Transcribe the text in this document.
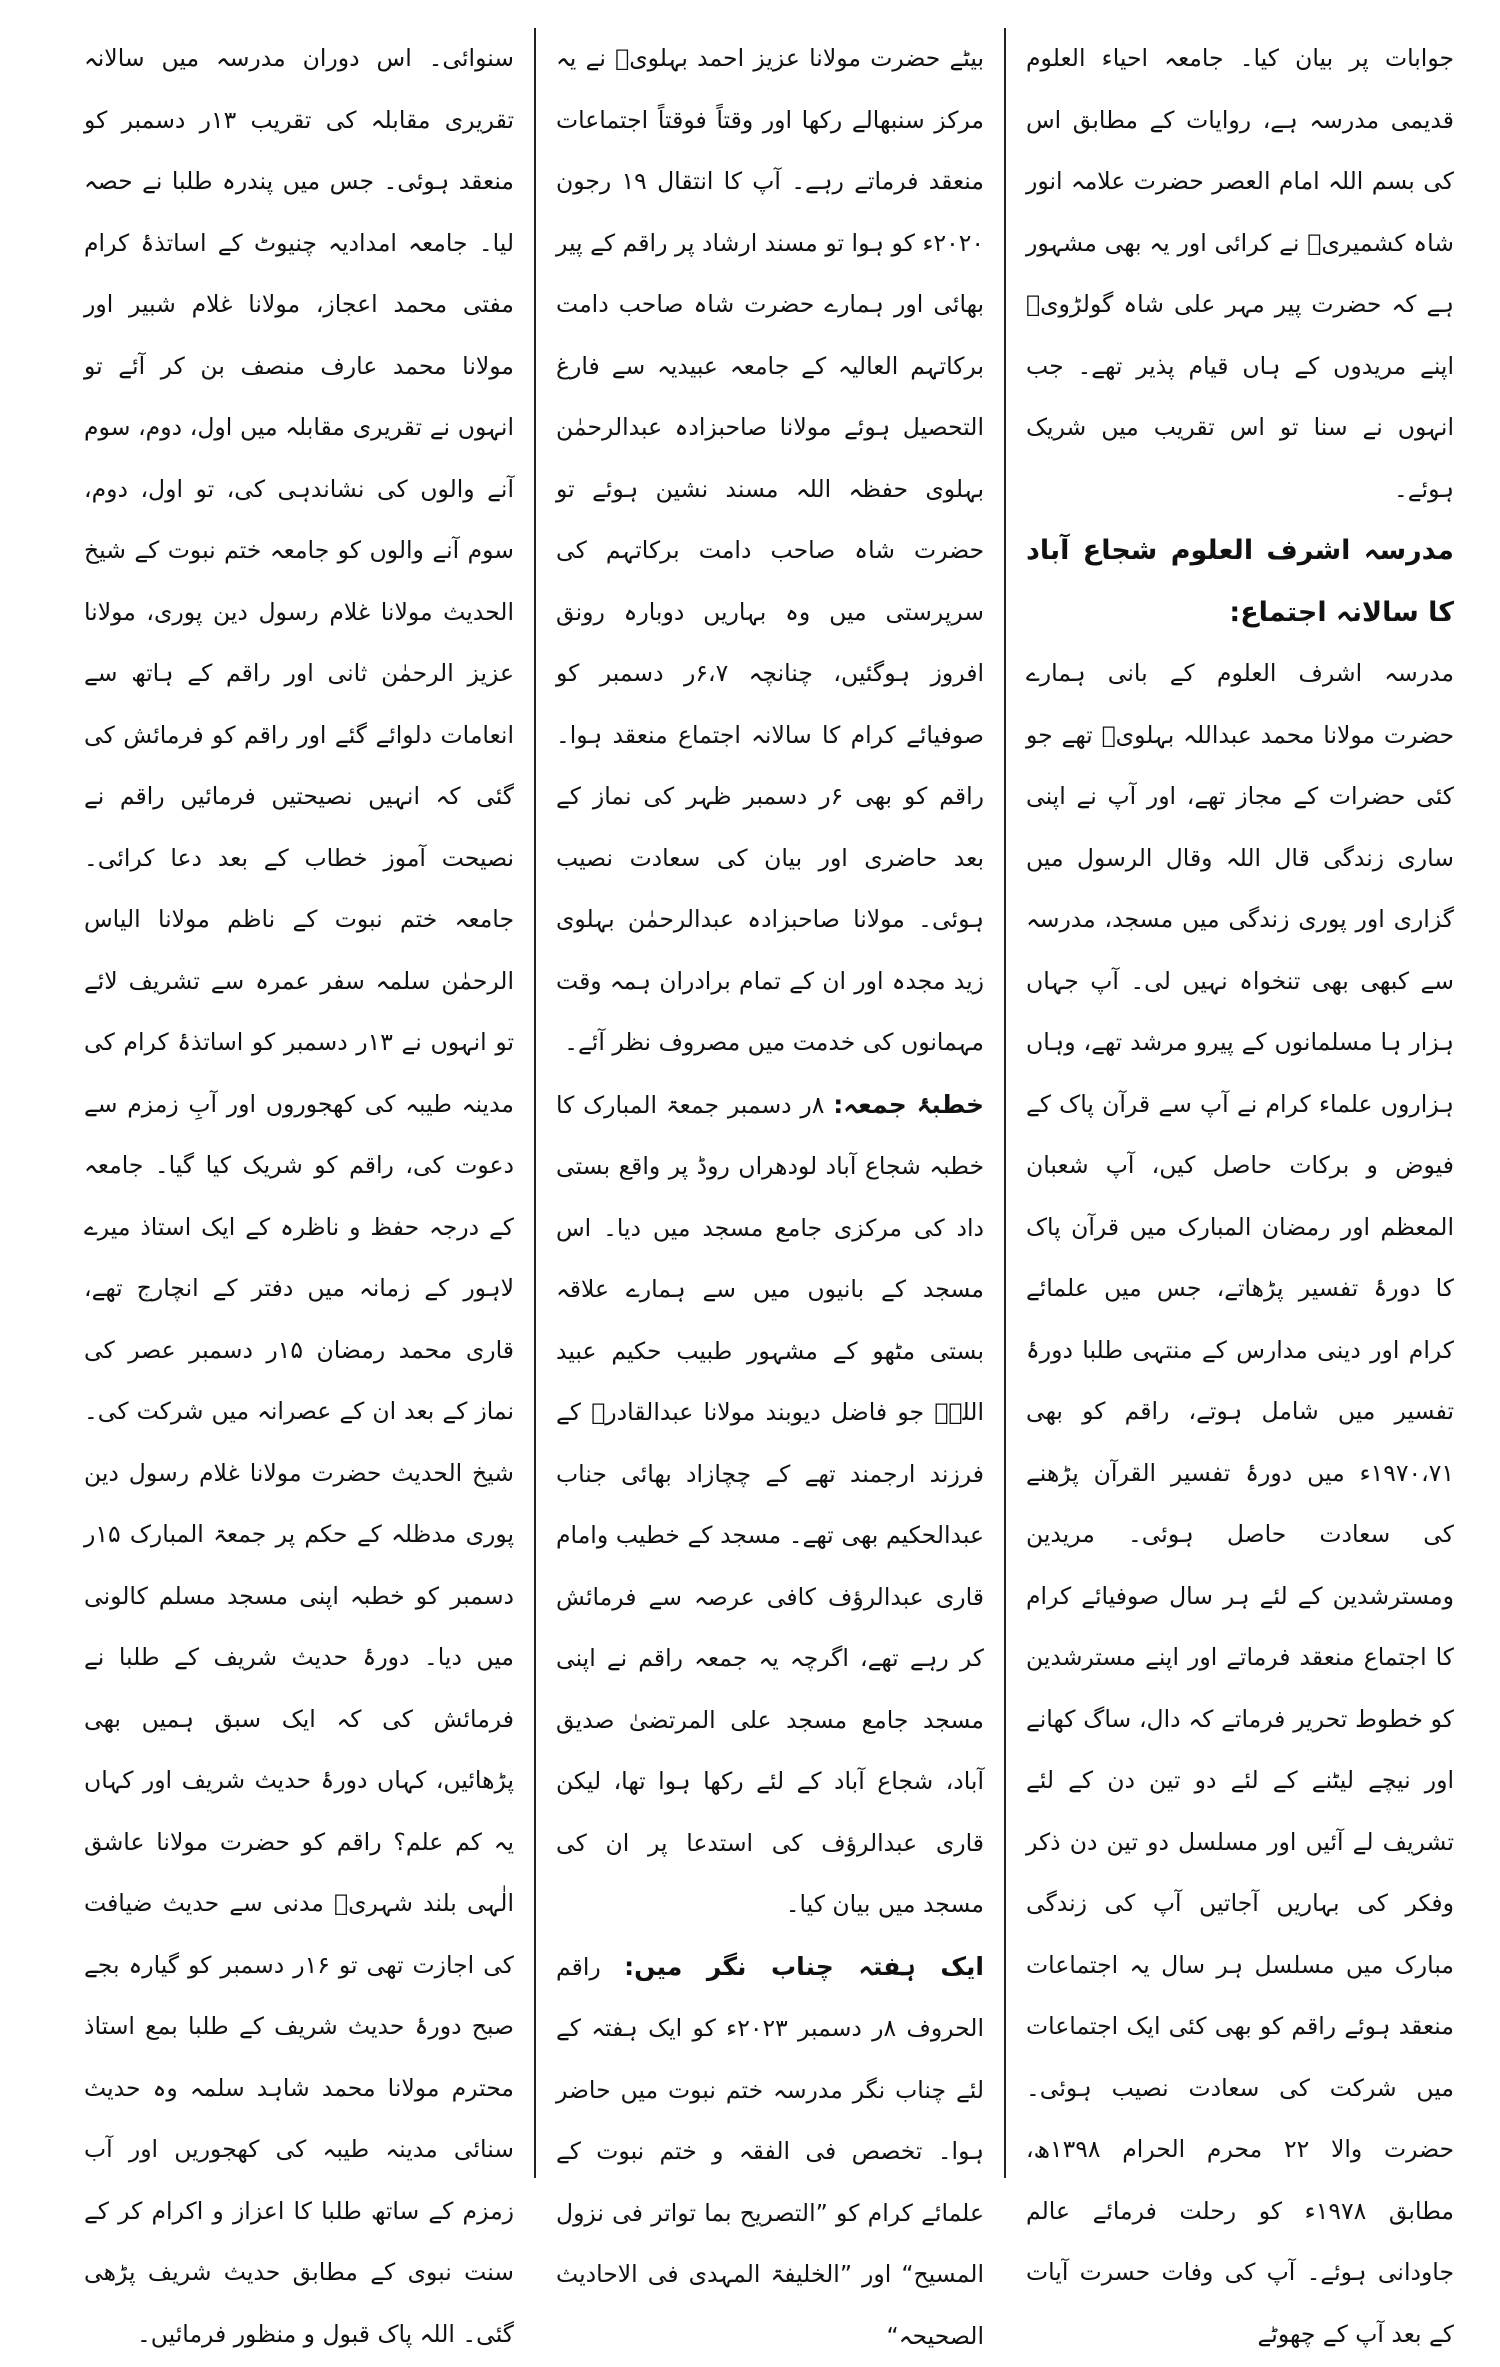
جوابات پر بیان کیا۔ جامعہ احیاء العلوم قدیمی مدرسہ ہے، روایات کے مطابق اس کی بسم اللہ امام العصر حضرت علامہ انور شاہ کشمیریؒ نے کرائی اور یہ بھی مشہور ہے کہ حضرت پیر مہر علی شاہ گولڑویؒ اپنے مریدوں کے ہاں قیام پذیر تھے۔ جب انہوں نے سنا تو اس تقریب میں شریک ہوئے۔

مدرسہ اشرف العلوم شجاع آباد کا سالانہ اجتماع:

مدرسہ اشرف العلوم کے بانی ہمارے حضرت مولانا محمد عبداللہ بہلویؒ تھے جو کئی حضرات کے مجاز تھے، اور آپ نے اپنی ساری زندگی قال اللہ وقال الرسول میں گزاری اور پوری زندگی میں مسجد، مدرسہ سے کبھی بھی تنخواہ نہیں لی۔ آپ جہاں ہزار ہا مسلمانوں کے پیرو مرشد تھے، وہاں ہزاروں علماء کرام نے آپ سے قرآن پاک کے فیوض و برکات حاصل کیں، آپ شعبان المعظم اور رمضان المبارک میں قرآن پاک کا دورۂ تفسیر پڑھاتے، جس میں علمائے کرام اور دینی مدارس کے منتہی طلبا دورۂ تفسیر میں شامل ہوتے، راقم کو بھی ۱۹۷۰،۷۱ء میں دورۂ تفسیر القرآن پڑھنے کی سعادت حاصل ہوئی۔ مریدین ومسترشدین کے لئے ہر سال صوفیائے کرام کا اجتماع منعقد فرماتے اور اپنے مسترشدین کو خطوط تحریر فرماتے کہ دال، ساگ کھانے اور نیچے لیٹنے کے لئے دو تین دن کے لئے تشریف لے آئیں اور مسلسل دو تین دن ذکر وفکر کی بہاریں آجاتیں آپ کی زندگی مبارک میں مسلسل ہر سال یہ اجتماعات منعقد ہوئے راقم کو بھی کئی ایک اجتماعات میں شرکت کی سعادت نصیب ہوئی۔ حضرت والا ۲۲ محرم الحرام ۱۳۹۸ھ، مطابق ۱۹۷۸ء کو رحلت فرمائے عالم جاودانی ہوئے۔ آپ کی وفات حسرت آیات کے بعد آپ کے چھوٹے

بیٹے حضرت مولانا عزیز احمد بہلویؒ نے یہ مرکز سنبھالے رکھا اور وقتاً فوقتاً اجتماعات منعقد فرماتے رہے۔ آپ کا انتقال ۱۹ رجون ۲۰۲۰ء کو ہوا تو مسند ارشاد پر راقم کے پیر بھائی اور ہمارے حضرت شاہ صاحب دامت برکاتہم العالیہ کے جامعہ عبیدیہ سے فارغ التحصیل ہوئے مولانا صاحبزادہ عبدالرحمٰن بہلوی حفظہ اللہ مسند نشین ہوئے تو حضرت شاہ صاحب دامت برکاتہم کی سرپرستی میں وہ بہاریں دوبارہ رونق افروز ہوگئیں، چنانچہ ۶،۷ر دسمبر کو صوفیائے کرام کا سالانہ اجتماع منعقد ہوا۔ راقم کو بھی ۶ر دسمبر ظہر کی نماز کے بعد حاضری اور بیان کی سعادت نصیب ہوئی۔ مولانا صاحبزادہ عبدالرحمٰن بہلوی زید مجدہ اور ان کے تمام برادران ہمہ وقت مہمانوں کی خدمت میں مصروف نظر آئے۔

خطبۂ جمعہ: ۸ر دسمبر جمعۃ المبارک کا خطبہ شجاع آباد لودھراں روڈ پر واقع بستی داد کی مرکزی جامع مسجد میں دیا۔ اس مسجد کے بانیوں میں سے ہمارے علاقہ بستی مٹھو کے مشہور طبیب حکیم عبید اللہؒ جو فاضل دیوبند مولانا عبدالقادرؒ کے فرزند ارجمند تھے کے چچازاد بھائی جناب عبدالحکیم بھی تھے۔ مسجد کے خطیب وامام قاری عبدالرؤف کافی عرصہ سے فرمائش کر رہے تھے، اگرچہ یہ جمعہ راقم نے اپنی مسجد جامع مسجد علی المرتضیٰ صدیق آباد، شجاع آباد کے لئے رکھا ہوا تھا، لیکن قاری عبدالرؤف کی استدعا پر ان کی مسجد میں بیان کیا۔

ایک ہفتہ چناب نگر میں: راقم الحروف ۸ر دسمبر ۲۰۲۳ء کو ایک ہفتہ کے لئے چناب نگر مدرسہ ختم نبوت میں حاضر ہوا۔ تخصص فی الفقہ و ختم نبوت کے علمائے کرام کو ”التصریح بما تواتر فی نزول المسیح“ اور ”الخلیفۃ المہدی فی الاحادیث الصحیحہ“

سنوائی۔ اس دوران مدرسہ میں سالانہ تقریری مقابلہ کی تقریب ۱۳ر دسمبر کو منعقد ہوئی۔ جس میں پندرہ طلبا نے حصہ لیا۔ جامعہ امدادیہ چنیوٹ کے اساتذۂ کرام مفتی محمد اعجاز، مولانا غلام شبیر اور مولانا محمد عارف منصف بن کر آئے تو انہوں نے تقریری مقابلہ میں اول، دوم، سوم آنے والوں کی نشاندہی کی، تو اول، دوم، سوم آنے والوں کو جامعہ ختم نبوت کے شیخ الحدیث مولانا غلام رسول دین پوری، مولانا عزیز الرحمٰن ثانی اور راقم کے ہاتھ سے انعامات دلوائے گئے اور راقم کو فرمائش کی گئی کہ انہیں نصیحتیں فرمائیں راقم نے نصیحت آموز خطاب کے بعد دعا کرائی۔ جامعہ ختم نبوت کے ناظم مولانا الیاس الرحمٰن سلمہ سفر عمرہ سے تشریف لائے تو انہوں نے ۱۳ر دسمبر کو اساتذۂ کرام کی مدینہ طیبہ کی کھجوروں اور آبِ زمزم سے دعوت کی، راقم کو شریک کیا گیا۔ جامعہ کے درجہ حفظ و ناظرہ کے ایک استاذ میرے لاہور کے زمانہ میں دفتر کے انچارج تھے، قاری محمد رمضان ۱۵ر دسمبر عصر کی نماز کے بعد ان کے عصرانہ میں شرکت کی۔ شیخ الحدیث حضرت مولانا غلام رسول دین پوری مدظلہ کے حکم پر جمعۃ المبارک ۱۵ر دسمبر کو خطبہ اپنی مسجد مسلم کالونی میں دیا۔ دورۂ حدیث شریف کے طلبا نے فرمائش کی کہ ایک سبق ہمیں بھی پڑھائیں، کہاں دورۂ حدیث شریف اور کہاں یہ کم علم؟ راقم کو حضرت مولانا عاشق الٰہی بلند شہریؒ مدنی سے حدیث ضیافت کی اجازت تھی تو ۱۶ر دسمبر کو گیارہ بجے صبح دورۂ حدیث شریف کے طلبا بمع استاذ محترم مولانا محمد شاہد سلمہ وہ حدیث سنائی مدینہ طیبہ کی کھجوریں اور آب زمزم کے ساتھ طلبا کا اعزاز و اکرام کر کے سنت نبوی کے مطابق حدیث شریف پڑھی گئی۔ اللہ پاک قبول و منظور فرمائیں۔
